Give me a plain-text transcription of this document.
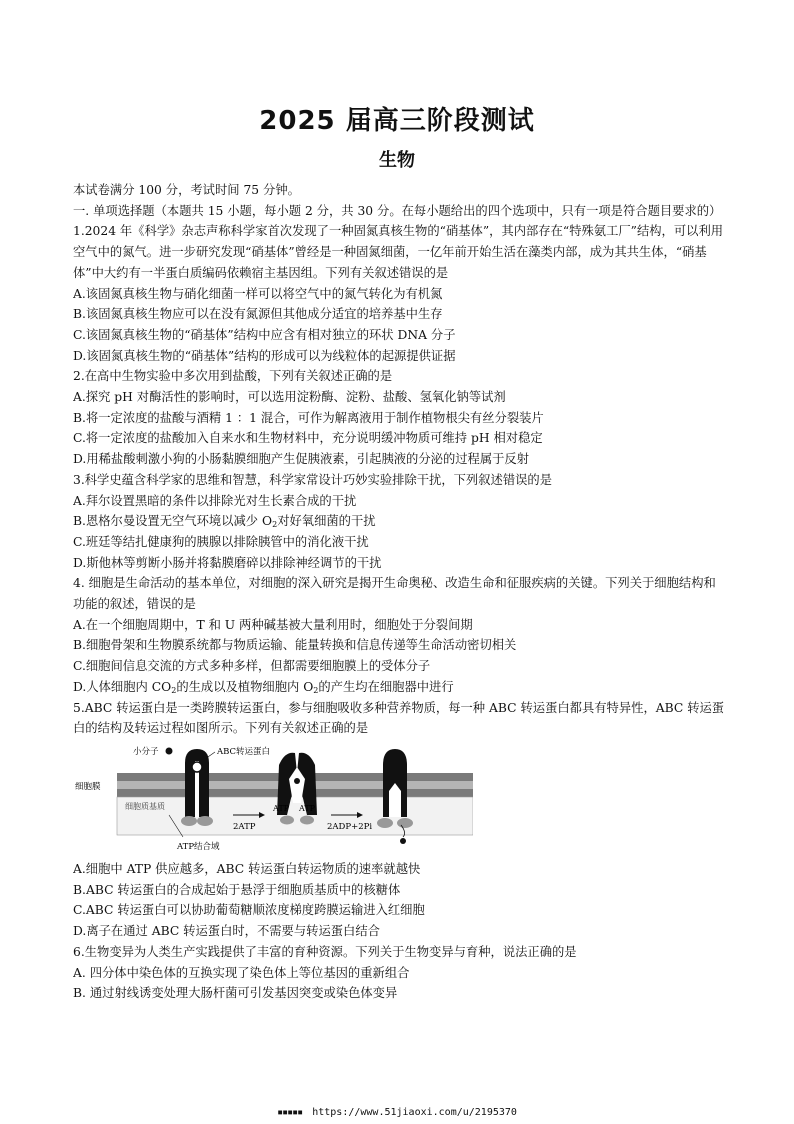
2025 届高三阶段测试
生物
本试卷满分 100 分，考试时间 75 分钟。
一. 单项选择题（本题共 15 小题，每小题 2 分，共 30 分。在每小题给出的四个选项中，只有一项是符合题目要求的）
1.2024 年《科学》杂志声称科学家首次发现了一种固氮真核生物的“硝基体”，其内部存在“特殊氨工厂”结构，可以利用空气中的氮气。进一步研究发现“硝基体”曾经是一种固氮细菌，一亿年前开始生活在藻类内部，成为其共生体，“硝基体”中大约有一半蛋白质编码依赖宿主基因组。下列有关叙述错误的是
A.该固氮真核生物与硝化细菌一样可以将空气中的氮气转化为有机氮
B.该固氮真核生物应可以在没有氮源但其他成分适宜的培养基中生存
C.该固氮真核生物的“硝基体”结构中应含有相对独立的环状 DNA 分子
D.该固氮真核生物的“硝基体”结构的形成可以为线粒体的起源提供证据
2.在高中生物实验中多次用到盐酸，下列有关叙述正确的是
A.探究 pH 对酶活性的影响时，可以选用淀粉酶、淀粉、盐酸、氢氧化钠等试剂
B.将一定浓度的盐酸与酒精 1 ：1 混合，可作为解离液用于制作植物根尖有丝分裂装片
C.将一定浓度的盐酸加入自来水和生物材料中，充分说明缓冲物质可维持 pH 相对稳定
D.用稀盐酸刺激小狗的小肠黏膜细胞产生促胰液素，引起胰液的分泌的过程属于反射
3.科学史蕴含科学家的思维和智慧，科学家常设计巧妙实验排除干扰，下列叙述错误的是
A.拜尔设置黑暗的条件以排除光对生长素合成的干扰
B.恩格尔曼设置无空气环境以减少 $O_2$对好氧细菌的干扰
C.班廷等结扎健康狗的胰腺以排除胰管中的消化液干扰
D.斯他林等剪断小肠并将黏膜磨碎以排除神经调节的干扰
4. 细胞是生命活动的基本单位，对细胞的深入研究是揭开生命奥秘、改造生命和征服疾病的关键。下列关于细胞结构和功能的叙述，错误的是
A.在一个细胞周期中，T 和 U 两种碱基被大量利用时，细胞处于分裂间期
B.细胞骨架和生物膜系统都与物质运输、能量转换和信息传递等生命活动密切相关
C.细胞间信息交流的方式多种多样，但都需要细胞膜上的受体分子
D.人体细胞内 $CO_2$的生成以及植物细胞内 $O_2$的产生均在细胞器中进行
5.ABC 转运蛋白是一类跨膜转运蛋白，参与细胞吸收多种营养物质，每一种 ABC 转运蛋白都具有特异性，ABC 转运蛋白的结构及转运过程如图所示。下列有关叙述正确的是
小分子	ABC转运蛋白
细胞膜
细胞质基质
ATP结合域
2ATP
ATP ATP
2ADP+2Pi
A.细胞中 ATP 供应越多，ABC 转运蛋白转运物质的速率就越快
B.ABC 转运蛋白的合成起始于悬浮于细胞质基质中的核糖体
C.ABC 转运蛋白可以协助葡萄糖顺浓度梯度跨膜运输进入红细胞
D.离子在通过 ABC 转运蛋白时，不需要与转运蛋白结合
6.生物变异为人类生产实践提供了丰富的育种资源。下列关于生物变异与育种，说法正确的是
A. 四分体中染色体的互换实现了染色体上等位基因的重新组合
B. 通过射线诱变处理大肠杆菌可引发基因突变或染色体变异
▪▪▪▪▪ https://www.51jiaoxi.com/u/2195370
